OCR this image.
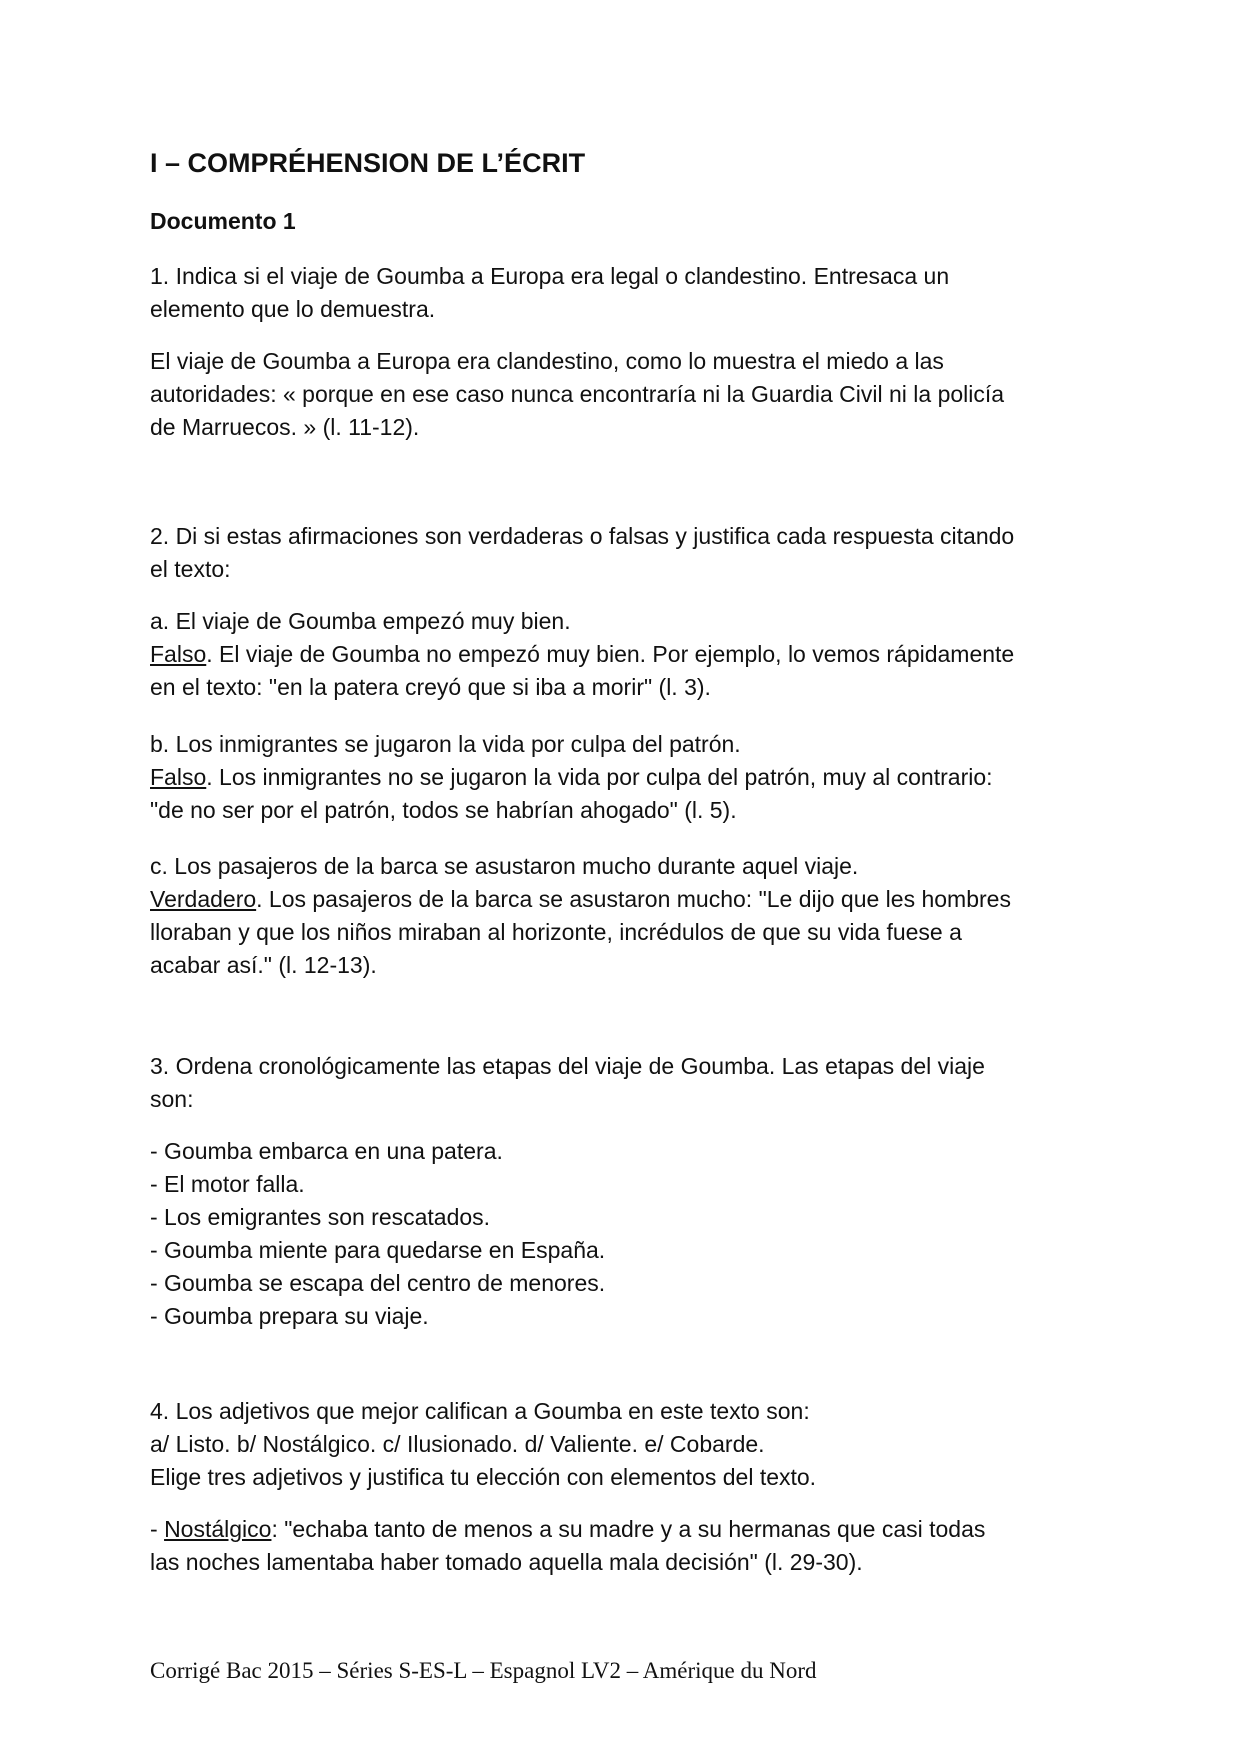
I – COMPRÉHENSION DE L’ÉCRIT
Documento 1

1. Indica si el viaje de Goumba a Europa era legal o clandestino. Entresaca un
elemento que lo demuestra.

El viaje de Goumba a Europa era clandestino, como lo muestra el miedo a las
autoridades: « porque en ese caso nunca encontraría ni la Guardia Civil ni la policía
de Marruecos. » (l. 11-12).

2. Di si estas afirmaciones son verdaderas o falsas y justifica cada respuesta citando
el texto:

a. El viaje de Goumba empezó muy bien.
Falso. El viaje de Goumba no empezó muy bien. Por ejemplo, lo vemos rápidamente
en el texto: "en la patera creyó que si iba a morir" (l. 3).

b. Los inmigrantes se jugaron la vida por culpa del patrón.
Falso. Los inmigrantes no se jugaron la vida por culpa del patrón, muy al contrario:
"de no ser por el patrón, todos se habrían ahogado" (l. 5).

c. Los pasajeros de la barca se asustaron mucho durante aquel viaje.
Verdadero. Los pasajeros de la barca se asustaron mucho: "Le dijo que les hombres
lloraban y que los niños miraban al horizonte, incrédulos de que su vida fuese a
acabar así." (l. 12-13).

3. Ordena cronológicamente las etapas del viaje de Goumba. Las etapas del viaje
son:

- Goumba embarca en una patera.
- El motor falla.
- Los emigrantes son rescatados.
- Goumba miente para quedarse en España.
- Goumba se escapa del centro de menores.
- Goumba prepara su viaje.

4. Los adjetivos que mejor califican a Goumba en este texto son:
a/ Listo. b/ Nostálgico. c/ Ilusionado. d/ Valiente. e/ Cobarde.
Elige tres adjetivos y justifica tu elección con elementos del texto.

- Nostálgico: "echaba tanto de menos a su madre y a su hermanas que casi todas
las noches lamentaba haber tomado aquella mala decisión" (l. 29-30).

Corrigé Bac 2015 – Séries S-ES-L – Espagnol LV2 – Amérique du Nord
